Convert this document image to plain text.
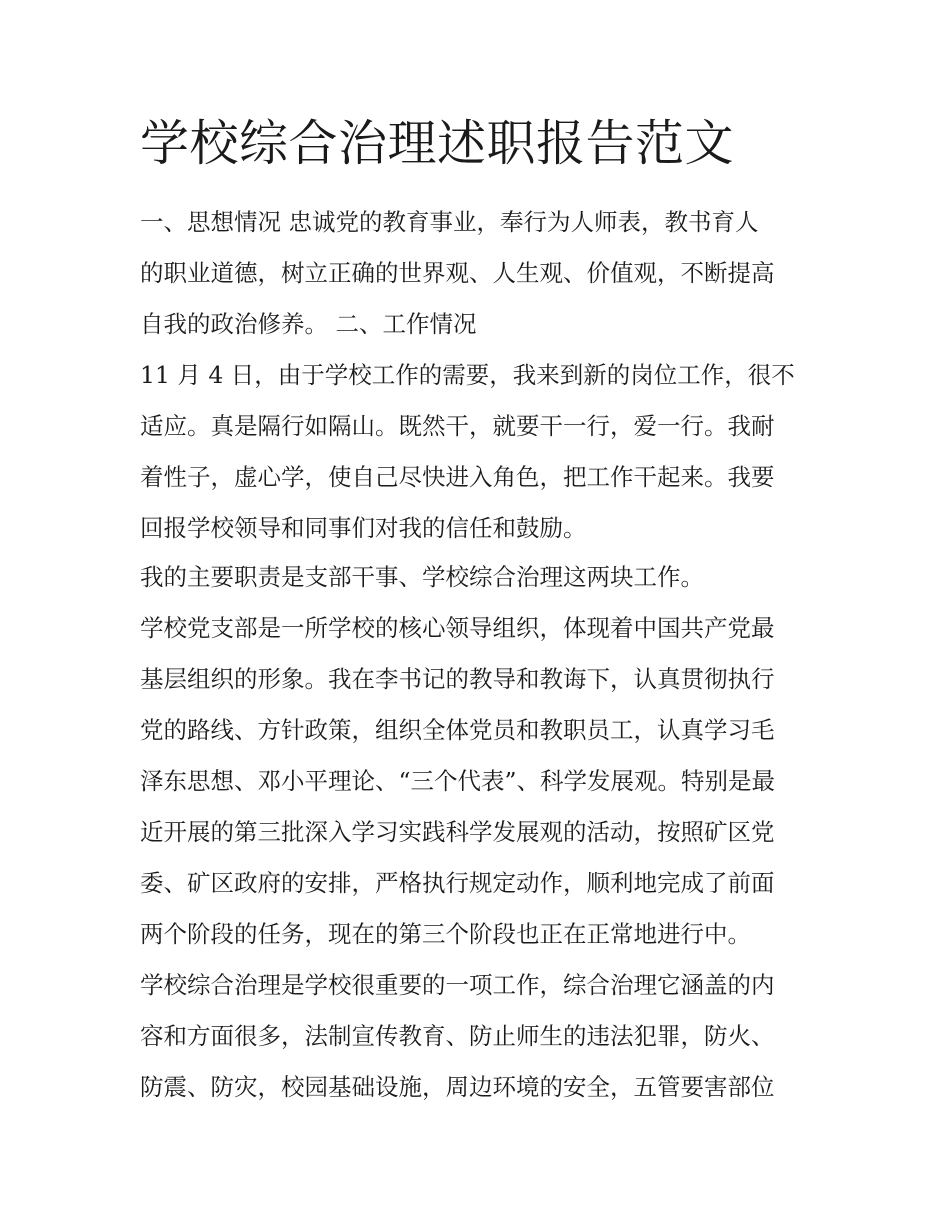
学校综合治理述职报告范文

一、思想情况 忠诚党的教育事业，奉行为人师表，教书育人

的职业道德，树立正确的世界观、人生观、价值观，不断提高

自我的政治修养。 二、工作情况

11 月 4 日，由于学校工作的需要，我来到新的岗位工作，很不

适应。真是隔行如隔山。既然干，就要干一行，爱一行。我耐

着性子，虚心学，使自己尽快进入角色，把工作干起来。我要

回报学校领导和同事们对我的信任和鼓励。

我的主要职责是支部干事、学校综合治理这两块工作。

学校党支部是一所学校的核心领导组织，体现着中国共产党最

基层组织的形象。我在李书记的教导和教诲下，认真贯彻执行

党的路线、方针政策，组织全体党员和教职员工，认真学习毛

泽东思想、邓小平理论、“三个代表”、科学发展观。特别是最

近开展的第三批深入学习实践科学发展观的活动，按照矿区党

委、矿区政府的安排，严格执行规定动作，顺利地完成了前面

两个阶段的任务，现在的第三个阶段也正在正常地进行中。

学校综合治理是学校很重要的一项工作，综合治理它涵盖的内

容和方面很多，法制宣传教育、防止师生的违法犯罪，防火、

防震、防灾，校园基础设施，周边环境的安全，五管要害部位
